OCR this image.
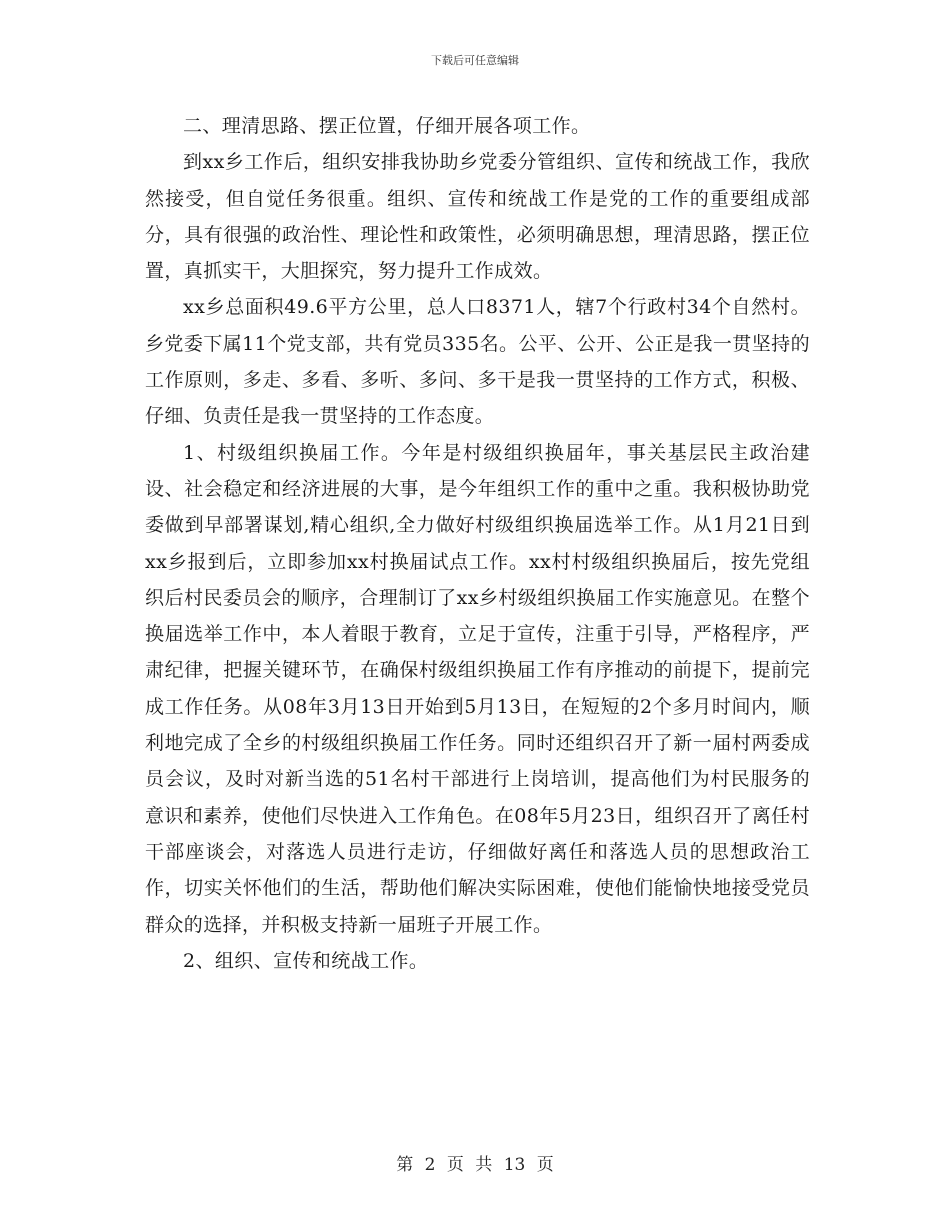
下载后可任意编辑

二、理清思路、摆正位置，仔细开展各项工作。

到xx乡工作后，组织安排我协助乡党委分管组织、宣传和统战工作，我欣然接受，但自觉任务很重。组织、宣传和统战工作是党的工作的重要组成部分，具有很强的政治性、理论性和政策性，必须明确思想，理清思路，摆正位置，真抓实干，大胆探究，努力提升工作成效。

xx乡总面积49.6平方公里，总人口8371人，辖7个行政村34个自然村。乡党委下属11个党支部，共有党员335名。公平、公开、公正是我一贯坚持的工作原则，多走、多看、多听、多问、多干是我一贯坚持的工作方式，积极、仔细、负责任是我一贯坚持的工作态度。

1、村级组织换届工作。今年是村级组织换届年，事关基层民主政治建设、社会稳定和经济进展的大事，是今年组织工作的重中之重。我积极协助党委做到早部署谋划,精心组织,全力做好村级组织换届选举工作。从1月21日到xx乡报到后，立即参加xx村换届试点工作。xx村村级组织换届后，按先党组织后村民委员会的顺序，合理制订了xx乡村级组织换届工作实施意见。在整个换届选举工作中，本人着眼于教育，立足于宣传，注重于引导，严格程序，严肃纪律，把握关键环节，在确保村级组织换届工作有序推动的前提下，提前完成工作任务。从08年3月13日开始到5月13日，在短短的2个多月时间内，顺利地完成了全乡的村级组织换届工作任务。同时还组织召开了新一届村两委成员会议，及时对新当选的51名村干部进行上岗培训，提高他们为村民服务的意识和素养，使他们尽快进入工作角色。在08年5月23日，组织召开了离任村干部座谈会，对落选人员进行走访，仔细做好离任和落选人员的思想政治工作，切实关怀他们的生活，帮助他们解决实际困难，使他们能愉快地接受党员群众的选择，并积极支持新一届班子开展工作。

2、组织、宣传和统战工作。

第 2 页 共 13 页
